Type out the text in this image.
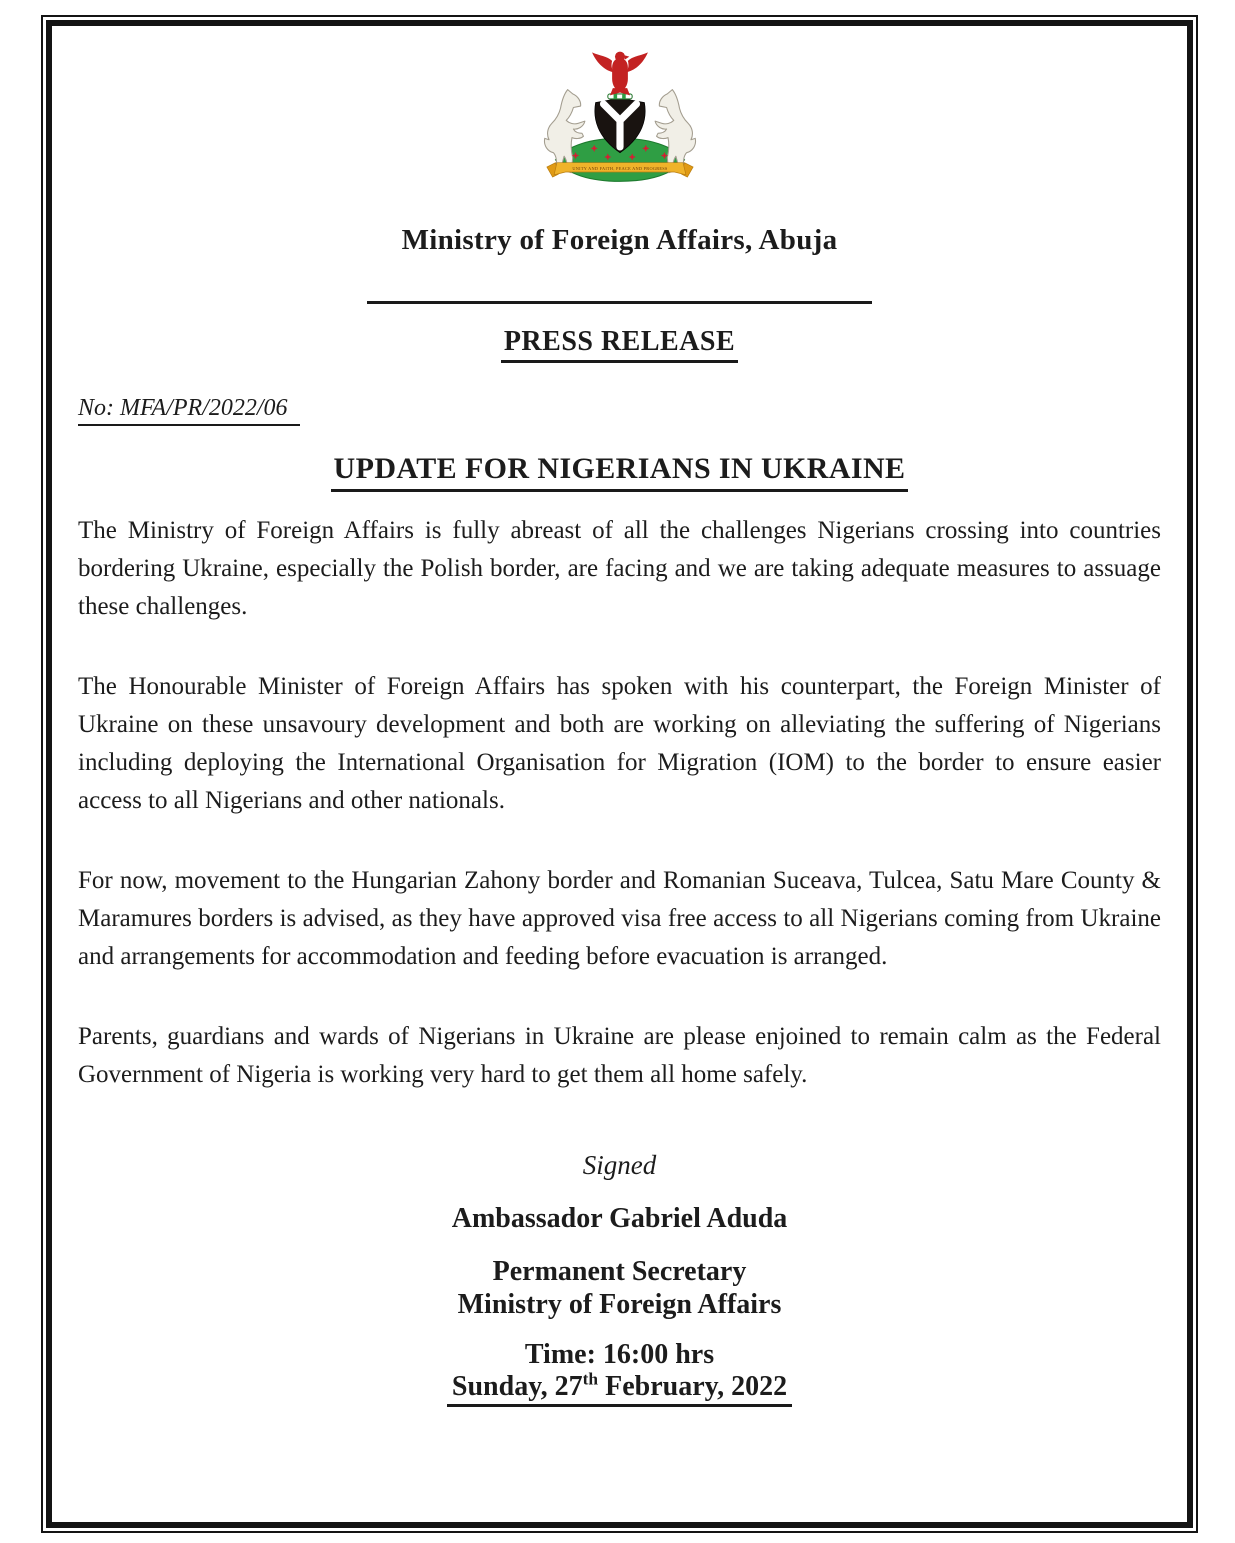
UNITY AND FAITH, PEACE AND PROGRESS
Ministry of Foreign Affairs, Abuja
PRESS RELEASE
No: MFA/PR/2022/06
UPDATE FOR NIGERIANS IN UKRAINE

The Ministry of Foreign Affairs is fully abreast of all the challenges Nigerians crossing into countries bordering Ukraine, especially the Polish border, are facing and we are taking adequate measures to assuage these challenges.

The Honourable Minister of Foreign Affairs has spoken with his counterpart, the Foreign Minister of Ukraine on these unsavoury development and both are working on alleviating the suffering of Nigerians including deploying the International Organisation for Migration (IOM) to the border to ensure easier access to all Nigerians and other nationals.

For now, movement to the Hungarian Zahony border and Romanian Suceava, Tulcea, Satu Mare County & Maramures borders is advised, as they have approved visa free access to all Nigerians coming from Ukraine and arrangements for accommodation and feeding before evacuation is arranged.

Parents, guardians and wards of Nigerians in Ukraine are please enjoined to remain calm as the Federal Government of Nigeria is working very hard to get them all home safely.

Signed
Ambassador Gabriel Aduda
Permanent Secretary
Ministry of Foreign Affairs
Time: 16:00 hrs
Sunday, 27th February, 2022
